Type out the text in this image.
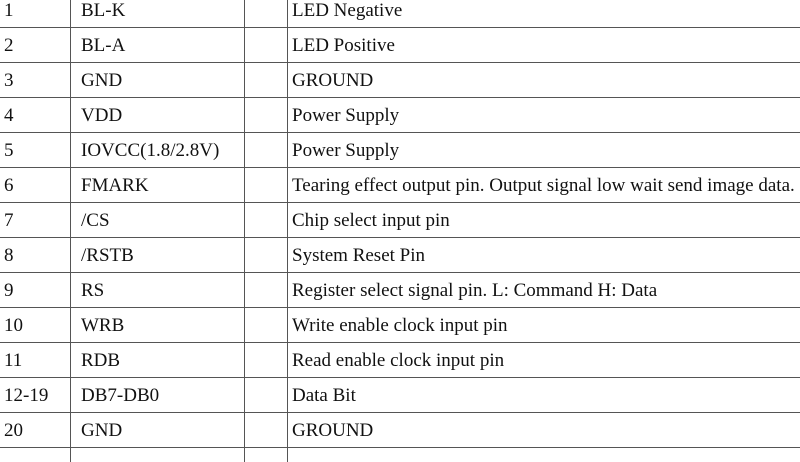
1	BL-K		LED Negative
2	BL-A		LED Positive
3	GND		GROUND
4	VDD		Power Supply
5	IOVCC(1.8/2.8V)		Power Supply
6	FMARK		Tearing effect output pin. Output signal low wait send image data.
7	/CS		Chip select input pin
8	/RSTB		System Reset Pin
9	RS		Register select signal pin. L: Command H: Data
10	WRB		Write enable clock input pin
11	RDB		Read enable clock input pin
12-19	DB7-DB0		Data Bit
20	GND		GROUND
